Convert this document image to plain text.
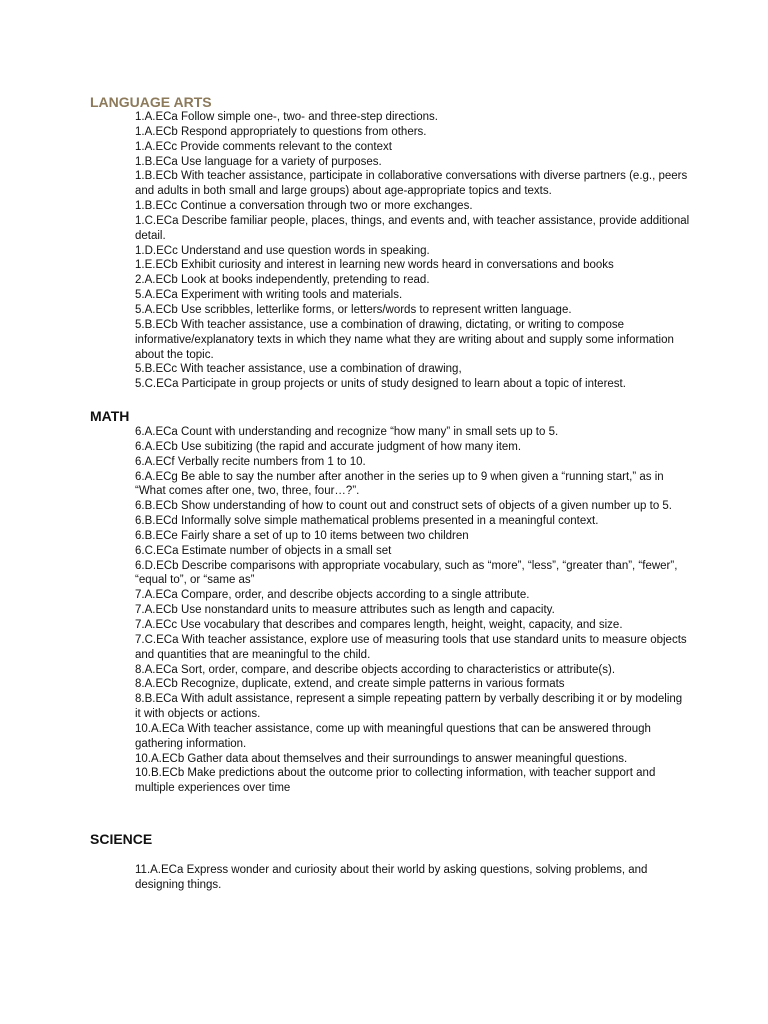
LANGUAGE ARTS
1.A.ECa Follow simple one-, two- and three-step directions.
1.A.ECb Respond appropriately to questions from others.
1.A.ECc Provide comments relevant to the context
1.B.ECa Use language for a variety of purposes.
1.B.ECb With teacher assistance, participate in collaborative conversations with diverse partners (e.g., peers and adults in both small and large groups) about age-appropriate topics and texts.
1.B.ECc Continue a conversation through two or more exchanges.
1.C.ECa Describe familiar people, places, things, and events and, with teacher assistance, provide additional detail.
1.D.ECc Understand and use question words in speaking.
1.E.ECb Exhibit curiosity and interest in learning new words heard in conversations and books
2.A.ECb Look at books independently, pretending to read.
5.A.ECa Experiment with writing tools and materials.
5.A.ECb Use scribbles, letterlike forms, or letters/words to represent written language.
5.B.ECb With teacher assistance, use a combination of drawing, dictating, or writing to compose informative/explanatory texts in which they name what they are writing about and supply some information about the topic.
5.B.ECc With teacher assistance, use a combination of drawing,
5.C.ECa Participate in group projects or units of study designed to learn about a topic of interest.
MATH
6.A.ECa Count with understanding and recognize “how many” in small sets up to 5.
6.A.ECb Use subitizing (the rapid and accurate judgment of how many item.
6.A.ECf Verbally recite numbers from 1 to 10.
6.A.ECg Be able to say the number after another in the series up to 9 when given a “running start,” as in “What comes after one, two, three, four…?”.
6.B.ECb Show understanding of how to count out and construct sets of objects of a given number up to 5.
6.B.ECd Informally solve simple mathematical problems presented in a meaningful context.
6.B.ECe Fairly share a set of up to 10 items between two children
6.C.ECa Estimate number of objects in a small set
6.D.ECb Describe comparisons with appropriate vocabulary, such as “more”, “less”, “greater than”, “fewer”, “equal to”, or “same as”
7.A.ECa Compare, order, and describe objects according to a single attribute.
7.A.ECb Use nonstandard units to measure attributes such as length and capacity.
7.A.ECc Use vocabulary that describes and compares length, height, weight, capacity, and size.
7.C.ECa With teacher assistance, explore use of measuring tools that use standard units to measure objects and quantities that are meaningful to the child.
8.A.ECa Sort, order, compare, and describe objects according to characteristics or attribute(s).
8.A.ECb Recognize, duplicate, extend, and create simple patterns in various formats
8.B.ECa With adult assistance, represent a simple repeating pattern by verbally describing it or by modeling it with objects or actions.
10.A.ECa With teacher assistance, come up with meaningful questions that can be answered through gathering information.
10.A.ECb Gather data about themselves and their surroundings to answer meaningful questions.
10.B.ECb Make predictions about the outcome prior to collecting information, with teacher support and multiple experiences over time
SCIENCE
11.A.ECa Express wonder and curiosity about their world by asking questions, solving problems, and designing things.
